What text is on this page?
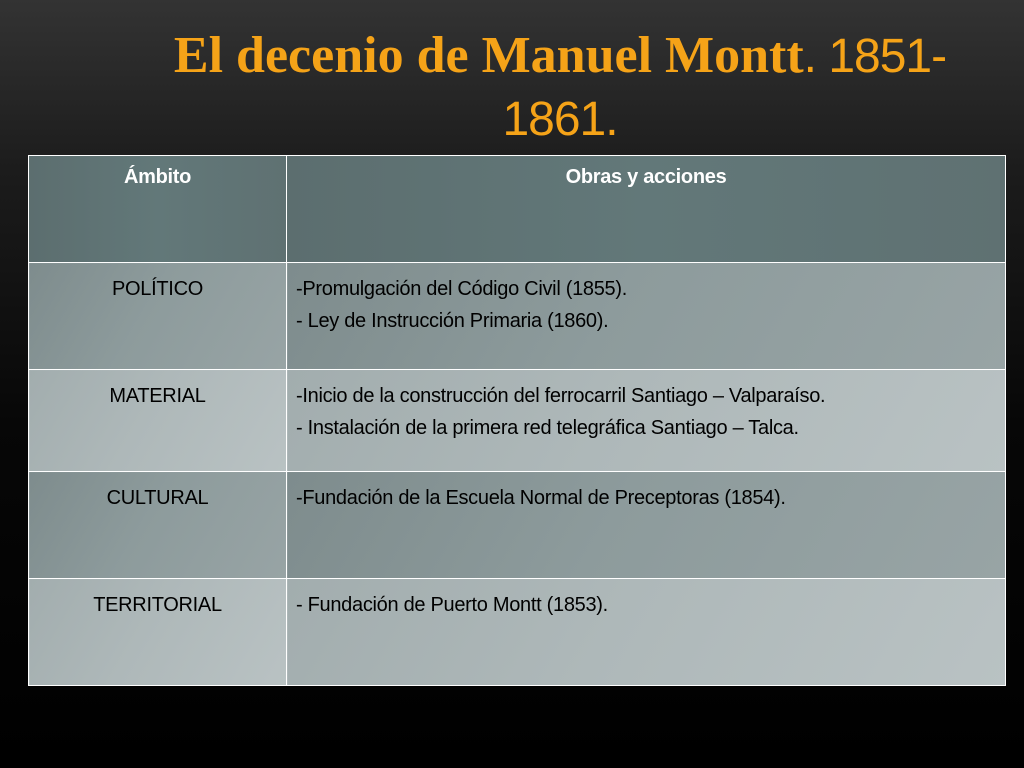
El decenio de Manuel Montt. 1851-
1861.
Ámbito	Obras y acciones

POLÍTICO	-Promulgación del Código Civil (1855).
- Ley de Instrucción Primaria (1860).

MATERIAL	-Inicio de la construcción del ferrocarril Santiago – Valparaíso.
- Instalación de la primera red telegráfica Santiago – Talca.

CULTURAL	-Fundación de la Escuela Normal de Preceptoras (1854).

TERRITORIAL	- Fundación de Puerto Montt (1853).
